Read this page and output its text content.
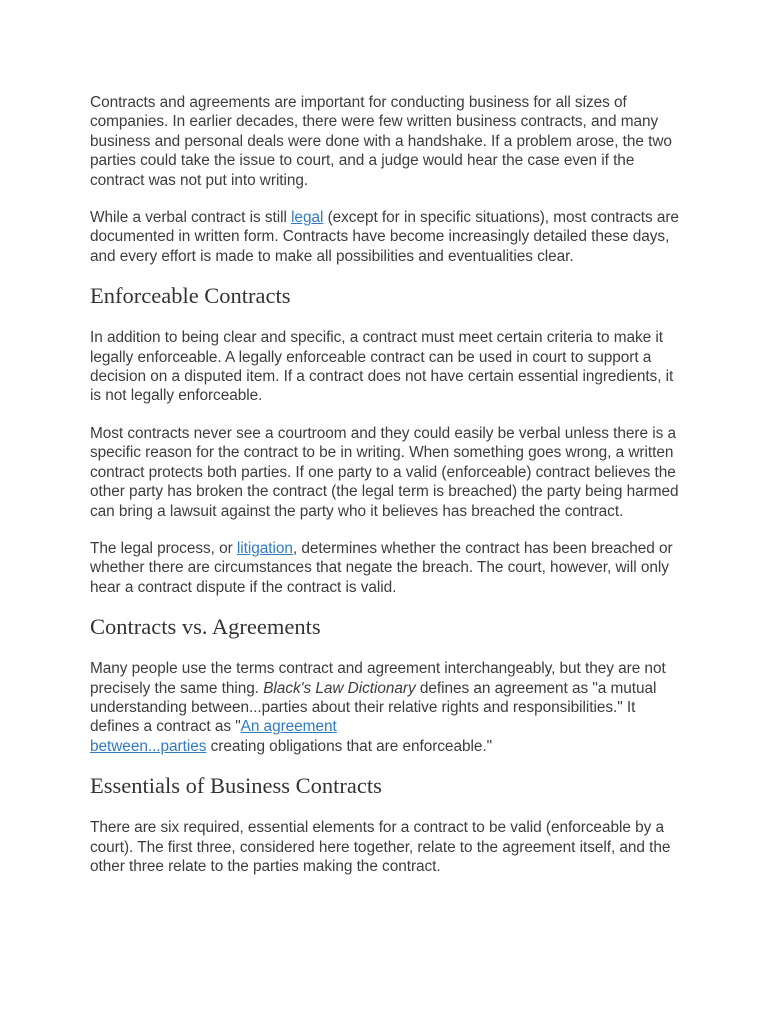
Contracts and agreements are important for conducting business for all sizes of companies. In earlier decades, there were few written business contracts, and many business and personal deals were done with a handshake. If a problem arose, the two parties could take the issue to court, and a judge would hear the case even if the contract was not put into writing.

While a verbal contract is still legal (except for in specific situations), most contracts are documented in written form. Contracts have become increasingly detailed these days, and every effort is made to make all possibilities and eventualities clear.

Enforceable Contracts

In addition to being clear and specific, a contract must meet certain criteria to make it legally enforceable. A legally enforceable contract can be used in court to support a decision on a disputed item. If a contract does not have certain essential ingredients, it is not legally enforceable.

Most contracts never see a courtroom and they could easily be verbal unless there is a specific reason for the contract to be in writing. When something goes wrong, a written contract protects both parties. If one party to a valid (enforceable) contract believes the other party has broken the contract (the legal term is breached) the party being harmed can bring a lawsuit against the party who it believes has breached the contract.

The legal process, or litigation, determines whether the contract has been breached or whether there are circumstances that negate the breach. The court, however, will only hear a contract dispute if the contract is valid.

Contracts vs. Agreements

Many people use the terms contract and agreement interchangeably, but they are not precisely the same thing. Black's Law Dictionary defines an agreement as "a mutual understanding between...parties about their relative rights and responsibilities." It defines a contract as "An agreement
between...parties creating obligations that are enforceable."

Essentials of Business Contracts

There are six required, essential elements for a contract to be valid (enforceable by a court). The first three, considered here together, relate to the agreement itself, and the other three relate to the parties making the contract.
